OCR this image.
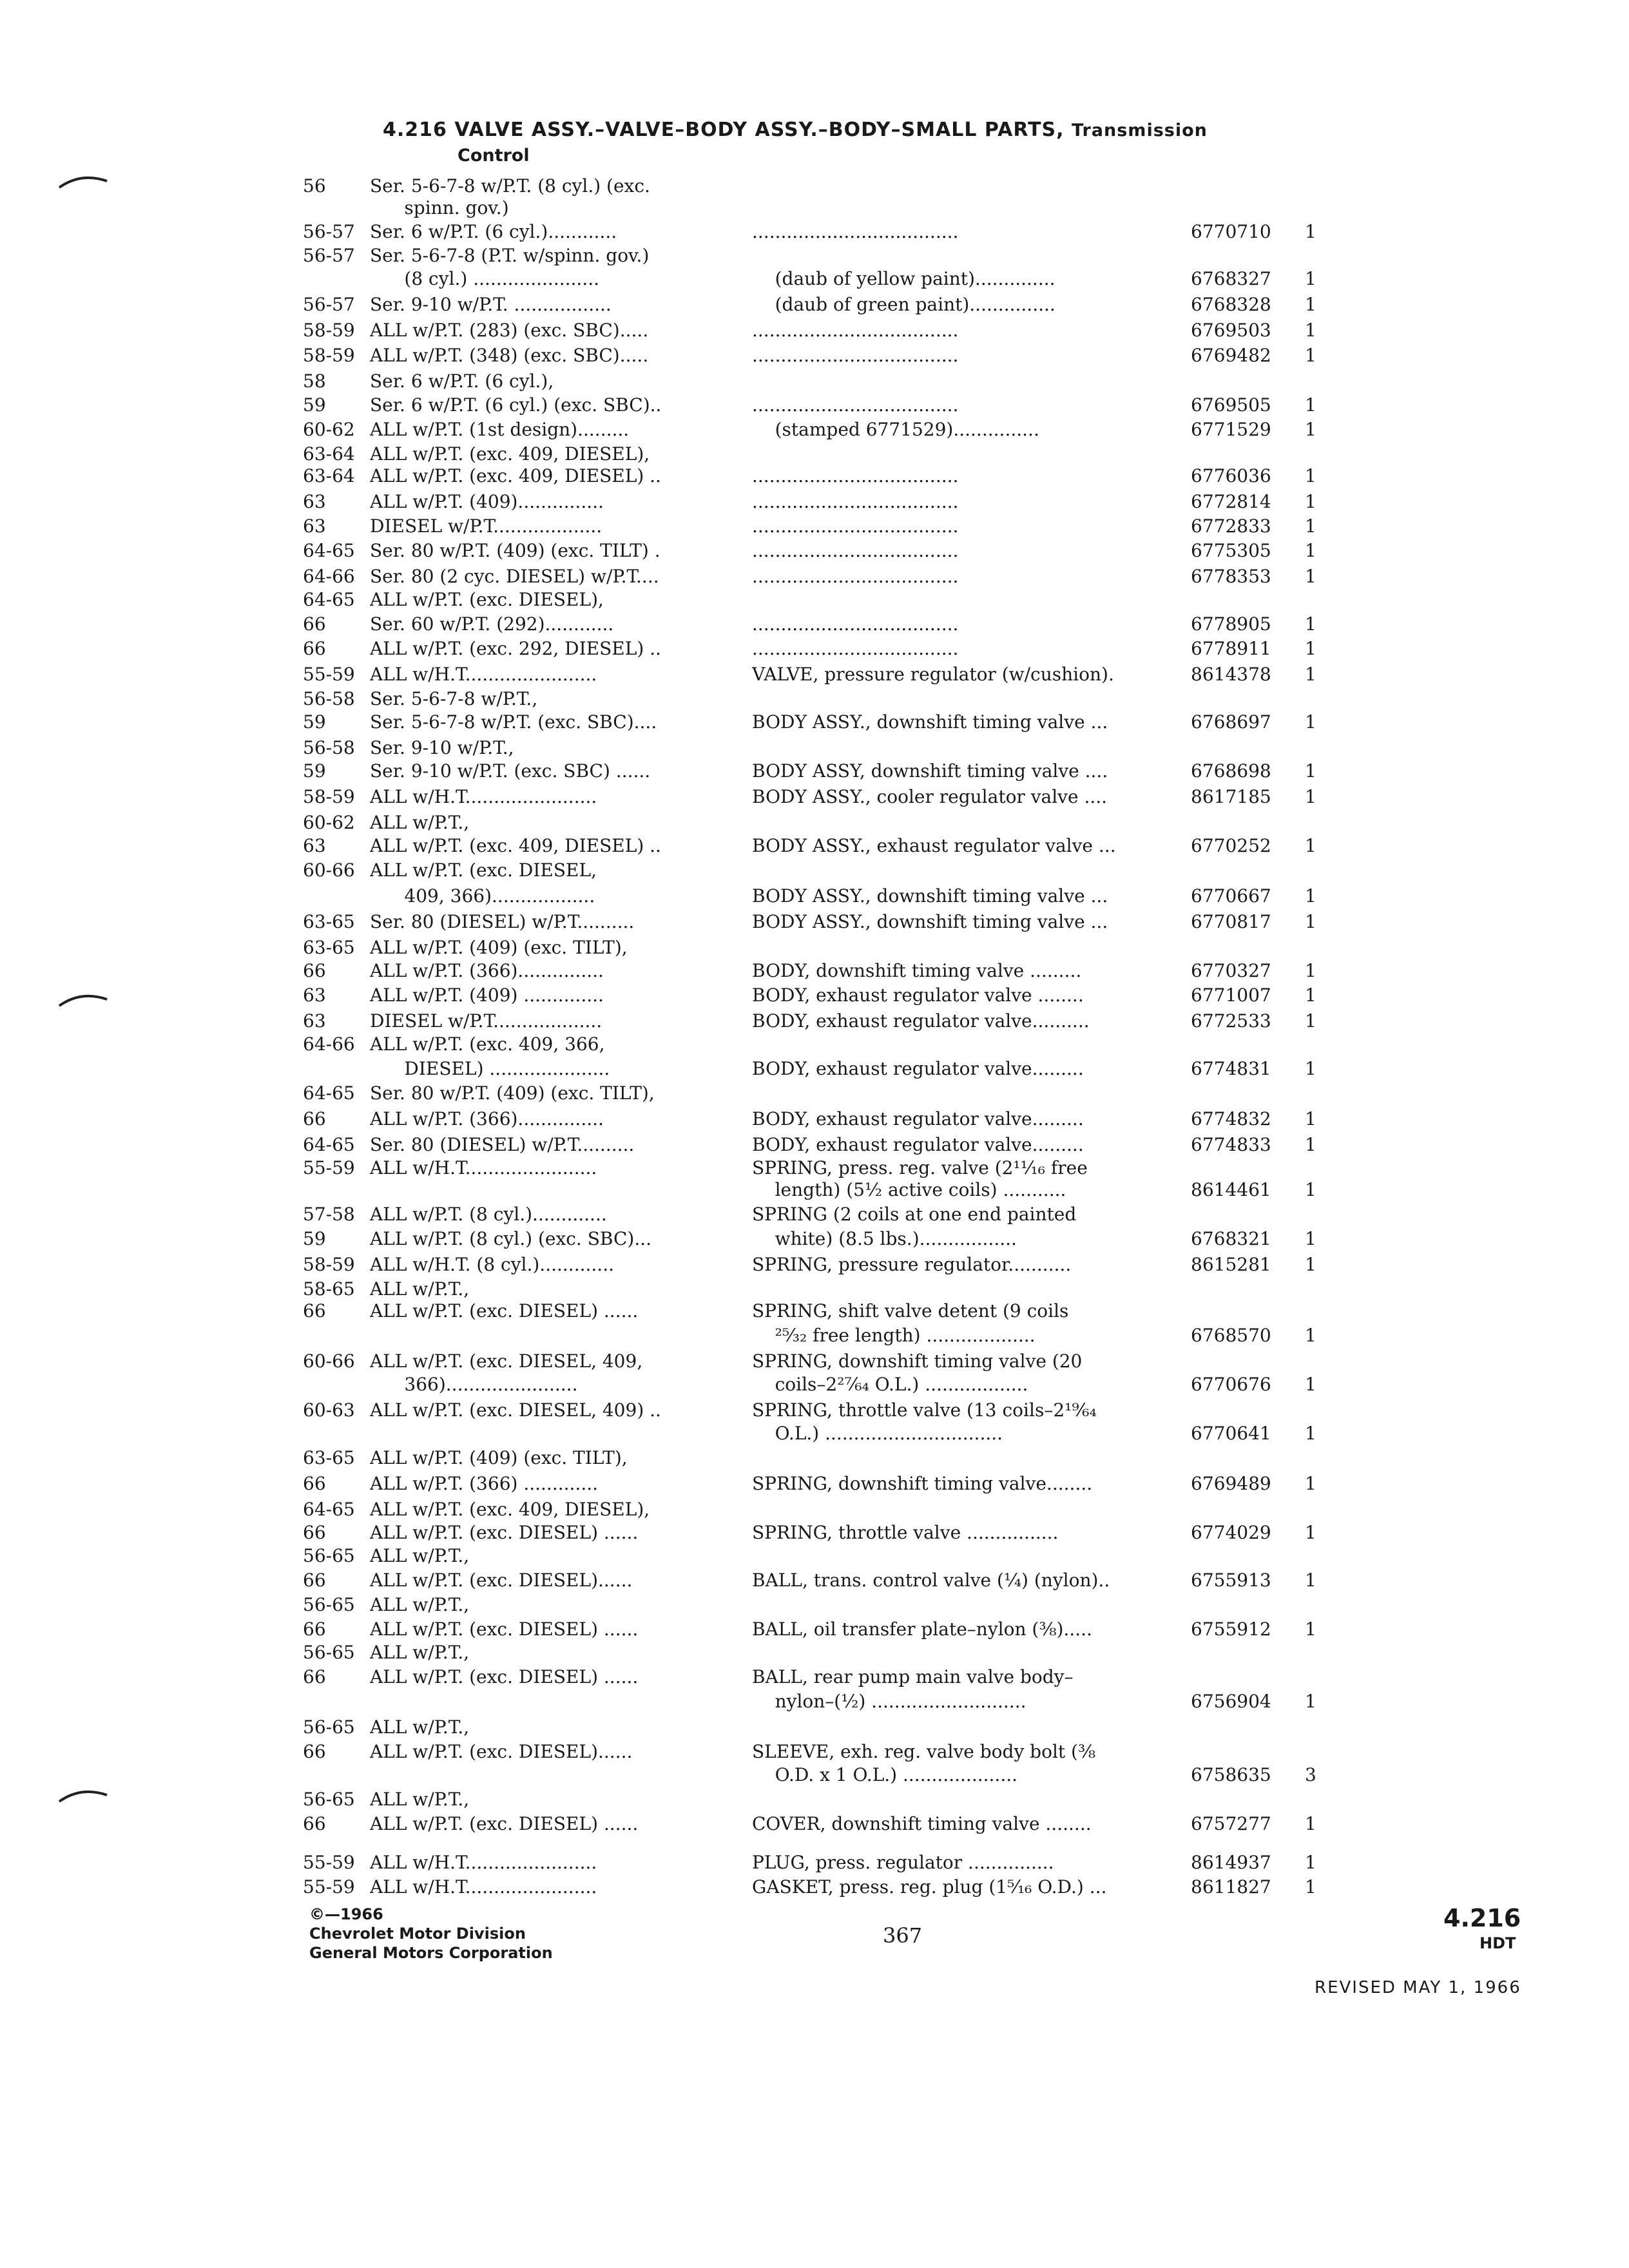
4.216 VALVE ASSY.–VALVE–BODY ASSY.–BODY–SMALL PARTS, Transmission
Control
56 Ser. 5-6-7-8 w/P.T. (8 cyl.) (exc.
spinn. gov.)
56-57 Ser. 6 w/P.T. (6 cyl.)............	....................................	6770710 1
56-57 Ser. 5-6-7-8 (P.T. w/spinn. gov.)
(8 cyl.) ......................	(daub of yellow paint)..............	6768327 1
56-57 Ser. 9-10 w/P.T. .................	(daub of green paint)...............	6768328 1
58-59 ALL w/P.T. (283) (exc. SBC).....	....................................	6769503 1
58-59 ALL w/P.T. (348) (exc. SBC).....	....................................	6769482 1
58 Ser. 6 w/P.T. (6 cyl.),
59 Ser. 6 w/P.T. (6 cyl.) (exc. SBC)..	....................................	6769505 1
60-62 ALL w/P.T. (1st design).........	(stamped 6771529)...............	6771529 1
63-64 ALL w/P.T. (exc. 409, DIESEL),
63-64 ALL w/P.T. (exc. 409, DIESEL) ..	....................................	6776036 1
63 ALL w/P.T. (409)...............	....................................	6772814 1
63 DIESEL w/P.T...................	....................................	6772833 1
64-65 Ser. 80 w/P.T. (409) (exc. TILT) .	....................................	6775305 1
64-66 Ser. 80 (2 cyc. DIESEL) w/P.T....	....................................	6778353 1
64-65 ALL w/P.T. (exc. DIESEL),
66 Ser. 60 w/P.T. (292)............	....................................	6778905 1
66 ALL w/P.T. (exc. 292, DIESEL) ..	....................................	6778911 1
55-59 ALL w/H.T.......................	VALVE, pressure regulator (w/cushion).	8614378 1
56-58 Ser. 5-6-7-8 w/P.T.,
59 Ser. 5-6-7-8 w/P.T. (exc. SBC)....	BODY ASSY., downshift timing valve ...	6768697 1
56-58 Ser. 9-10 w/P.T.,
59 Ser. 9-10 w/P.T. (exc. SBC) ......	BODY ASSY, downshift timing valve ....	6768698 1
58-59 ALL w/H.T.......................	BODY ASSY., cooler regulator valve ....	8617185 1
60-62 ALL w/P.T.,
63 ALL w/P.T. (exc. 409, DIESEL) ..	BODY ASSY., exhaust regulator valve ...	6770252 1
60-66 ALL w/P.T. (exc. DIESEL,
409, 366)..................	BODY ASSY., downshift timing valve ...	6770667 1
63-65 Ser. 80 (DIESEL) w/P.T..........	BODY ASSY., downshift timing valve ...	6770817 1
63-65 ALL w/P.T. (409) (exc. TILT),
66 ALL w/P.T. (366)...............	BODY, downshift timing valve .........	6770327 1
63 ALL w/P.T. (409) ..............	BODY, exhaust regulator valve ........	6771007 1
63 DIESEL w/P.T...................	BODY, exhaust regulator valve..........	6772533 1
64-66 ALL w/P.T. (exc. 409, 366,
DIESEL) .....................	BODY, exhaust regulator valve.........	6774831 1
64-65 Ser. 80 w/P.T. (409) (exc. TILT),
66 ALL w/P.T. (366)...............	BODY, exhaust regulator valve.........	6774832 1
64-65 Ser. 80 (DIESEL) w/P.T..........	BODY, exhaust regulator valve.........	6774833 1
55-59 ALL w/H.T.......................	SPRING, press. reg. valve (2¹¹⁄₁₆ free
length) (5½ active coils) ...........	8614461 1
57-58 ALL w/P.T. (8 cyl.).............	SPRING (2 coils at one end painted
59 ALL w/P.T. (8 cyl.) (exc. SBC)...	white) (8.5 lbs.).................	6768321 1
58-59 ALL w/H.T. (8 cyl.).............	SPRING, pressure regulator...........	8615281 1
58-65 ALL w/P.T.,
66 ALL w/P.T. (exc. DIESEL) ......	SPRING, shift valve detent (9 coils
²⁵⁄₃₂ free length) ...................	6768570 1
60-66 ALL w/P.T. (exc. DIESEL, 409,	SPRING, downshift timing valve (20
366).......................	coils–2²⁷⁄₆₄ O.L.) ..................	6770676 1
60-63 ALL w/P.T. (exc. DIESEL, 409) ..	SPRING, throttle valve (13 coils–2¹⁹⁄₆₄
O.L.) ...............................	6770641 1
63-65 ALL w/P.T. (409) (exc. TILT),
66 ALL w/P.T. (366) .............	SPRING, downshift timing valve........	6769489 1
64-65 ALL w/P.T. (exc. 409, DIESEL),
66 ALL w/P.T. (exc. DIESEL) ......	SPRING, throttle valve ................	6774029 1
56-65 ALL w/P.T.,
66 ALL w/P.T. (exc. DIESEL)......	BALL, trans. control valve (¼) (nylon)..	6755913 1
56-65 ALL w/P.T.,
66 ALL w/P.T. (exc. DIESEL) ......	BALL, oil transfer plate–nylon (⅜).....	6755912 1
56-65 ALL w/P.T.,
66 ALL w/P.T. (exc. DIESEL) ......	BALL, rear pump main valve body–
nylon–(½) ...........................	6756904 1
56-65 ALL w/P.T.,
66 ALL w/P.T. (exc. DIESEL)......	SLEEVE, exh. reg. valve body bolt (⅜
O.D. x 1 O.L.) ....................	6758635 3
56-65 ALL w/P.T.,
66 ALL w/P.T. (exc. DIESEL) ......	COVER, downshift timing valve ........	6757277 1
55-59 ALL w/H.T.......................	PLUG, press. regulator ...............	8614937 1
55-59 ALL w/H.T.......................	GASKET, press. reg. plug (1⁵⁄₁₆ O.D.) ...	8611827 1
©—1966
Chevrolet Motor Division
General Motors Corporation
367
4.216
HDT
REVISED MAY 1, 1966
